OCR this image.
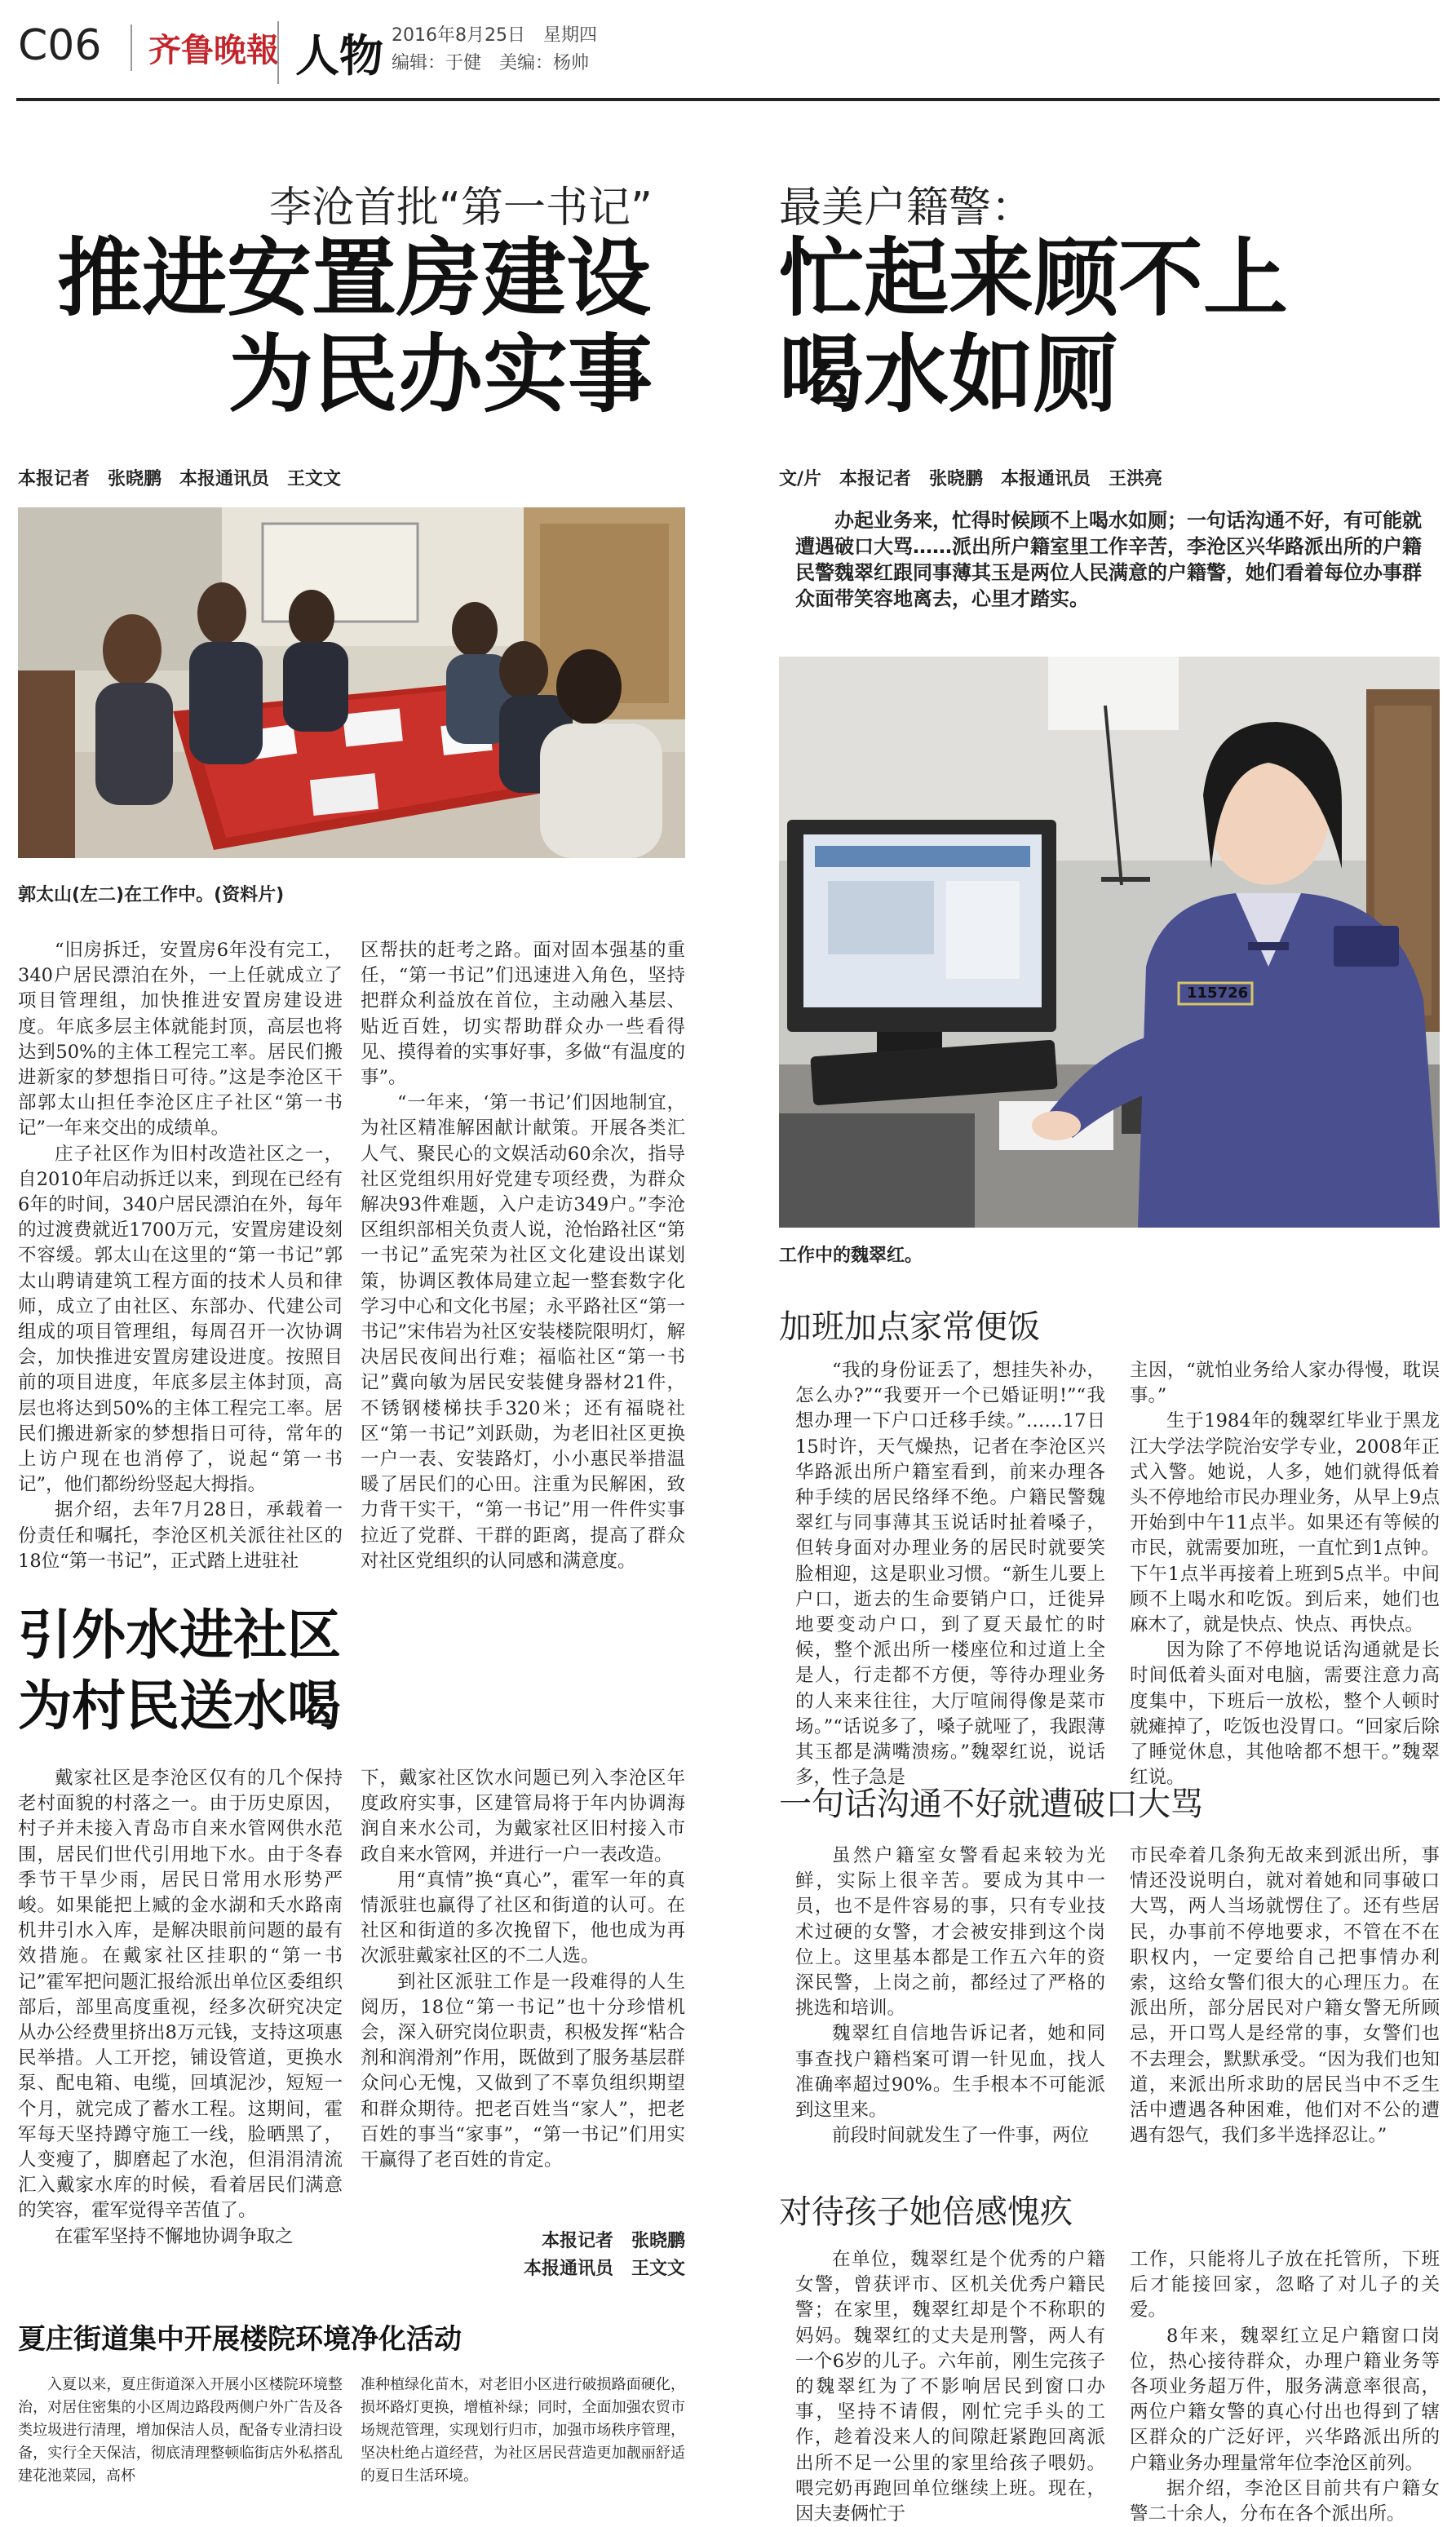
C06	齐鲁晚報 人物 2016年8月25日　星期四
编辑：于健　美编：杨帅
李沧首批“第一书记”
推进安置房建设
为民办实事
本报记者　张晓鹏　本报通讯员　王文文
郭太山(左二)在工作中。(资料片)

“旧房拆迁，安置房6年没有完工，340户居民漂泊在外，一上任就成立了项目管理组，加快推进安置房建设进度。年底多层主体就能封顶，高层也将达到50%的主体工程完工率。居民们搬进新家的梦想指日可待。”这是李沧区干部郭太山担任李沧区庄子社区“第一书记”一年来交出的成绩单。

庄子社区作为旧村改造社区之一，自2010年启动拆迁以来，到现在已经有6年的时间，340户居民漂泊在外，每年的过渡费就近1700万元，安置房建设刻不容缓。郭太山在这里的“第一书记”郭太山聘请建筑工程方面的技术人员和律师，成立了由社区、东部办、代建公司组成的项目管理组，每周召开一次协调会，加快推进安置房建设进度。按照目前的项目进度，年底多层主体封顶，高层也将达到50%的主体工程完工率。居民们搬进新家的梦想指日可待，常年的上访户现在也消停了，说起“第一书记”，他们都纷纷竖起大拇指。

据介绍，去年7月28日，承载着一份责任和嘱托，李沧区机关派往社区的18位“第一书记”，正式踏上进驻社

区帮扶的赶考之路。面对固本强基的重任，“第一书记”们迅速进入角色，坚持把群众利益放在首位，主动融入基层、贴近百姓，切实帮助群众办一些看得见、摸得着的实事好事，多做“有温度的事”。

“一年来，‘第一书记’们因地制宜，为社区精准解困献计献策。开展各类汇人气、聚民心的文娱活动60余次，指导社区党组织用好党建专项经费，为群众解决93件难题，入户走访349户。”李沧区组织部相关负责人说，沧怡路社区“第一书记”孟宪荣为社区文化建设出谋划策，协调区教体局建立起一整套数字化学习中心和文化书屋；永平路社区“第一书记”宋伟岩为社区安装楼院限明灯，解决居民夜间出行难；福临社区“第一书记”冀向敏为居民安装健身器材21件，不锈钢楼梯扶手320米；还有福晓社区“第一书记”刘跃勋，为老旧社区更换一户一表、安装路灯，小小惠民举措温暖了居民们的心田。注重为民解困，致力背干实干，“第一书记”用一件件实事拉近了党群、干群的距离，提高了群众对社区党组织的认同感和满意度。

引外水进社区
为村民送水喝

戴家社区是李沧区仅有的几个保持老村面貌的村落之一。由于历史原因，村子并未接入青岛市自来水管网供水范围，居民们世代引用地下水。由于冬春季节干旱少雨，居民日常用水形势严峻。如果能把上臧的金水湖和夭水路南机井引水入库，是解决眼前问题的最有效措施。在戴家社区挂职的“第一书记”霍军把问题汇报给派出单位区委组织部后，部里高度重视，经多次研究决定从办公经费里挤出8万元钱，支持这项惠民举措。人工开挖，铺设管道，更换水泵、配电箱、电缆，回填泥沙，短短一个月，就完成了蓄水工程。这期间，霍军每天坚持蹲守施工一线，脸晒黑了，人变瘦了，脚磨起了水泡，但涓涓清流汇入戴家水库的时候，看着居民们满意的笑容，霍军觉得辛苦值了。

在霍军坚持不懈地协调争取之

下，戴家社区饮水问题已列入李沧区年度政府实事，区建管局将于年内协调海润自来水公司，为戴家社区旧村接入市政自来水管网，并进行一户一表改造。

用“真情”换“真心”，霍军一年的真情派驻也赢得了社区和街道的认可。在社区和街道的多次挽留下，他也成为再次派驻戴家社区的不二人选。

到社区派驻工作是一段难得的人生阅历，18位“第一书记”也十分珍惜机会，深入研究岗位职责，积极发挥“粘合剂和润滑剂”作用，既做到了服务基层群众问心无愧，又做到了不辜负组织期望和群众期待。把老百姓当“家人”，把老百姓的事当“家事”，“第一书记”们用实干赢得了老百姓的肯定。

本报记者　张晓鹏
本报通讯员　王文文
夏庄街道集中开展楼院环境净化活动

入夏以来，夏庄街道深入开展小区楼院环境整治，对居住密集的小区周边路段两侧户外广告及各类垃圾进行清理，增加保洁人员，配备专业清扫设备，实行全天保洁，彻底清理整顿临街店外私搭乱建花池菜园，高杯

准种植绿化苗木，对老旧小区进行破损路面硬化，损坏路灯更换，增植补绿；同时，全面加强农贸市场规范管理，实现划行归市，加强市场秩序管理，坚决杜绝占道经营，为社区居民营造更加靓丽舒适的夏日生活环境。

最美户籍警：
忙起来顾不上
喝水如厕
文/片　本报记者　张晓鹏　本报通讯员　王洪亮
办起业务来，忙得时候顾不上喝水如厕；一句话沟通不好，有可能就遭遇破口大骂……派出所户籍室里工作辛苦，李沧区兴华路派出所的户籍民警魏翠红跟同事薄其玉是两位人民满意的户籍警，她们看着每位办事群众面带笑容地离去，心里才踏实。
115726
工作中的魏翠红。
加班加点家常便饭

“我的身份证丢了，想挂失补办，怎么办?”“我要开一个已婚证明!”“我想办理一下户口迁移手续。”……17日15时许，天气燥热，记者在李沧区兴华路派出所户籍室看到，前来办理各种手续的居民络绎不绝。户籍民警魏翠红与同事薄其玉说话时扯着嗓子，但转身面对办理业务的居民时就要笑脸相迎，这是职业习惯。“新生儿要上户口，逝去的生命要销户口，迁徙异地要变动户口，到了夏天最忙的时候，整个派出所一楼座位和过道上全是人，行走都不方便，等待办理业务的人来来往往，大厅喧闹得像是菜市场。”“话说多了，嗓子就哑了，我跟薄其玉都是满嘴溃疡。”魏翠红说，说话多，性子急是

主因，“就怕业务给人家办得慢，耽误事。”

生于1984年的魏翠红毕业于黑龙江大学法学院治安学专业，2008年正式入警。她说，人多，她们就得低着头不停地给市民办理业务，从早上9点开始到中午11点半。如果还有等候的市民，就需要加班，一直忙到1点钟。下午1点半再接着上班到5点半。中间顾不上喝水和吃饭。到后来，她们也麻木了，就是快点、快点、再快点。

因为除了不停地说话沟通就是长时间低着头面对电脑，需要注意力高度集中，下班后一放松，整个人顿时就瘫掉了，吃饭也没胃口。“回家后除了睡觉休息，其他啥都不想干。”魏翠红说。

一句话沟通不好就遭破口大骂

虽然户籍室女警看起来较为光鲜，实际上很辛苦。要成为其中一员，也不是件容易的事，只有专业技术过硬的女警，才会被安排到这个岗位上。这里基本都是工作五六年的资深民警，上岗之前，都经过了严格的挑选和培训。

魏翠红自信地告诉记者，她和同事查找户籍档案可谓一针见血，找人准确率超过90%。生手根本不可能派到这里来。

前段时间就发生了一件事，两位

市民牵着几条狗无故来到派出所，事情还没说明白，就对着她和同事破口大骂，两人当场就愣住了。还有些居民，办事前不停地要求，不管在不在职权内，一定要给自己把事情办利索，这给女警们很大的心理压力。在派出所，部分居民对户籍女警无所顾忌，开口骂人是经常的事，女警们也不去理会，默默承受。“因为我们也知道，来派出所求助的居民当中不乏生活中遭遇各种困难，他们对不公的遭遇有怨气，我们多半选择忍让。”

对待孩子她倍感愧疚

在单位，魏翠红是个优秀的户籍女警，曾获评市、区机关优秀户籍民警；在家里，魏翠红却是个不称职的妈妈。魏翠红的丈夫是刑警，两人有一个6岁的儿子。六年前，刚生完孩子的魏翠红为了不影响居民到窗口办事，坚持不请假，刚忙完手头的工作，趁着没来人的间隙赶紧跑回离派出所不足一公里的家里给孩子喂奶。喂完奶再跑回单位继续上班。现在，因夫妻俩忙于

工作，只能将儿子放在托管所，下班后才能接回家，忽略了对儿子的关爱。

8年来，魏翠红立足户籍窗口岗位，热心接待群众，办理户籍业务等各项业务超万件，服务满意率很高，两位户籍女警的真心付出也得到了辖区群众的广泛好评，兴华路派出所的户籍业务办理量常年位李沧区前列。

据介绍，李沧区目前共有户籍女警二十余人，分布在各个派出所。
